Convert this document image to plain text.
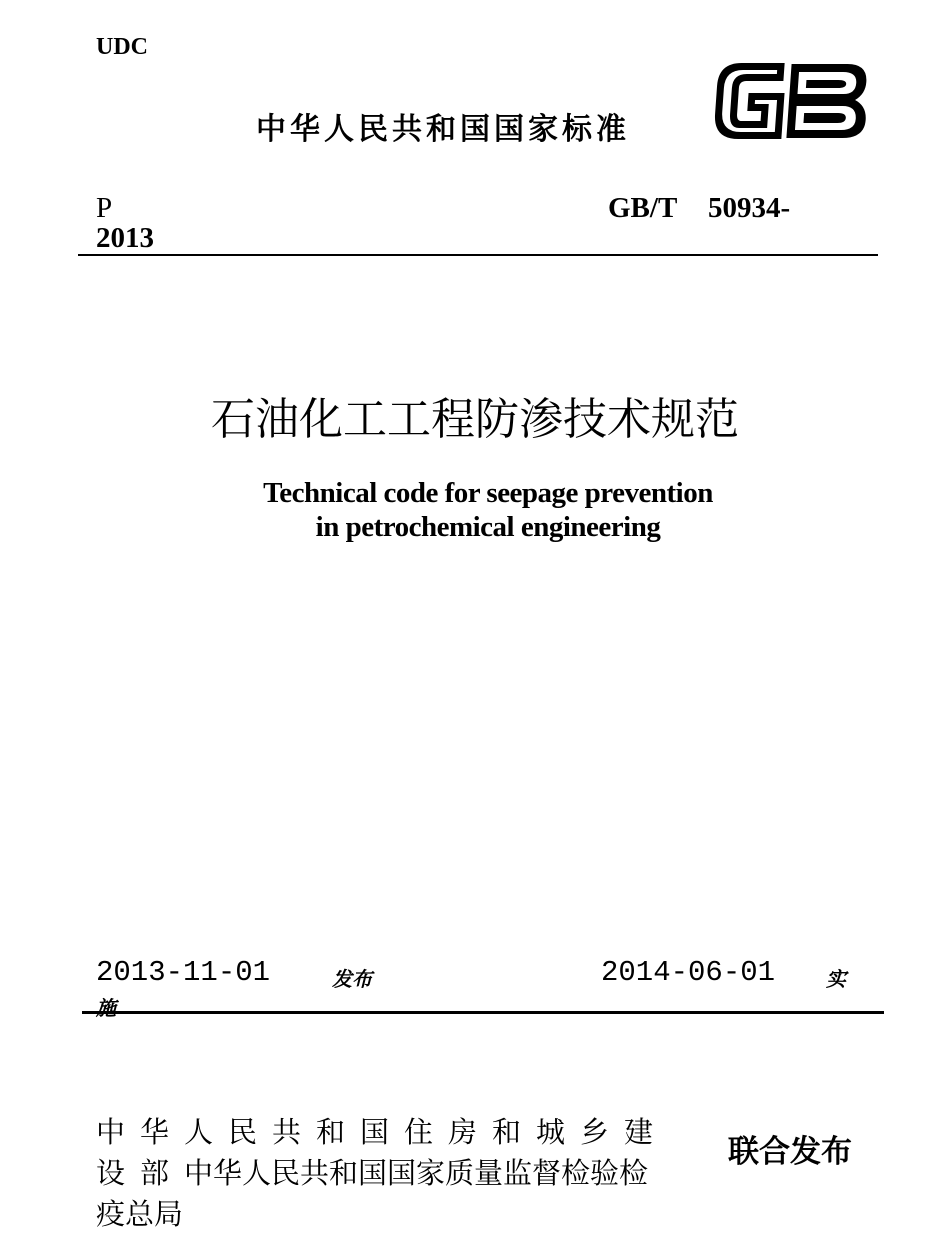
UDC
中华人民共和国国家标准
P	GB/T 50934-
2013
石油化工工程防渗技术规范
Technical code for seepage prevention
in petrochemical engineering
2013-11-01	发布	2014-06-01	实
施
中华人民共和国住房和城乡建
设部中华人民共和国国家质量监督检验检
疫总局
联合发布
